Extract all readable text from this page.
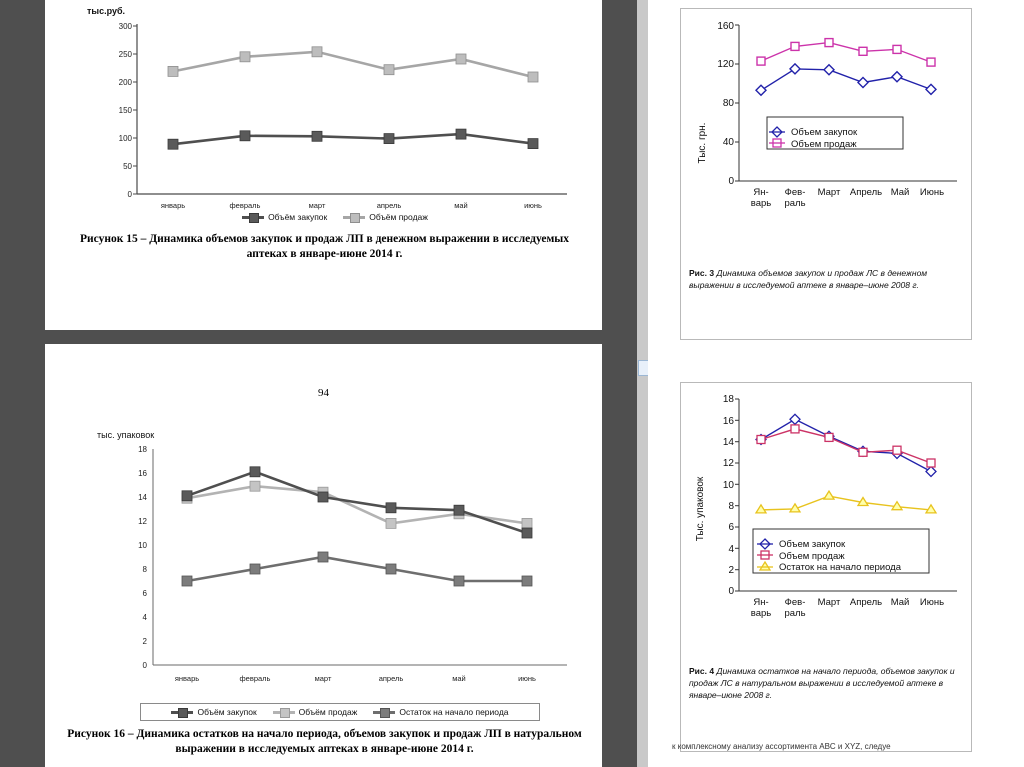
тыс.руб.
0
50
100
150
200
250
300
январь	февраль	март	апрель	май	июнь
Объём закупок	Объём продаж
Рисунок 15 – Динамика объемов закупок и продаж ЛП в денежном выражении в исследуемых аптеках в январе-июне 2014 г.
94
тыс. упаковок
0
2
4
6
8
10
12
14
16
18
январь	февраль	март	апрель	май	июнь
Объём закупок	Объём продаж	Остаток на начало периода
Рисунок 16 – Динамика остатков на начало периода, объемов закупок и продаж ЛП в натуральном выражении в исследуемых аптеках в январе-июне 2014 г.
Тыс. грн.
0
40
80
120
160
Объем закупок
Объем продаж
Ян-
варь
Фев-
раль
Март Апрель Май Июнь
Рис. 3 Динамика объемов закупок и продаж ЛС в денежном выражении в исследуемой аптеке в январе–июне 2008 г.
Тыс. упаковок
0
2
4
6
8
10
12
14
16
18
Объем закупок
Объем продаж
Остаток на начало периода
Ян-
варь
Фев-
раль
Март Апрель Май Июнь
Рис. 4 Динамика остатков на начало периода, объемов закупок и продаж ЛС в натуральном выражении в исследуемой аптеке в январе–июне 2008 г.
к комплексному анализу ассортимента ABC и XYZ, следуе
